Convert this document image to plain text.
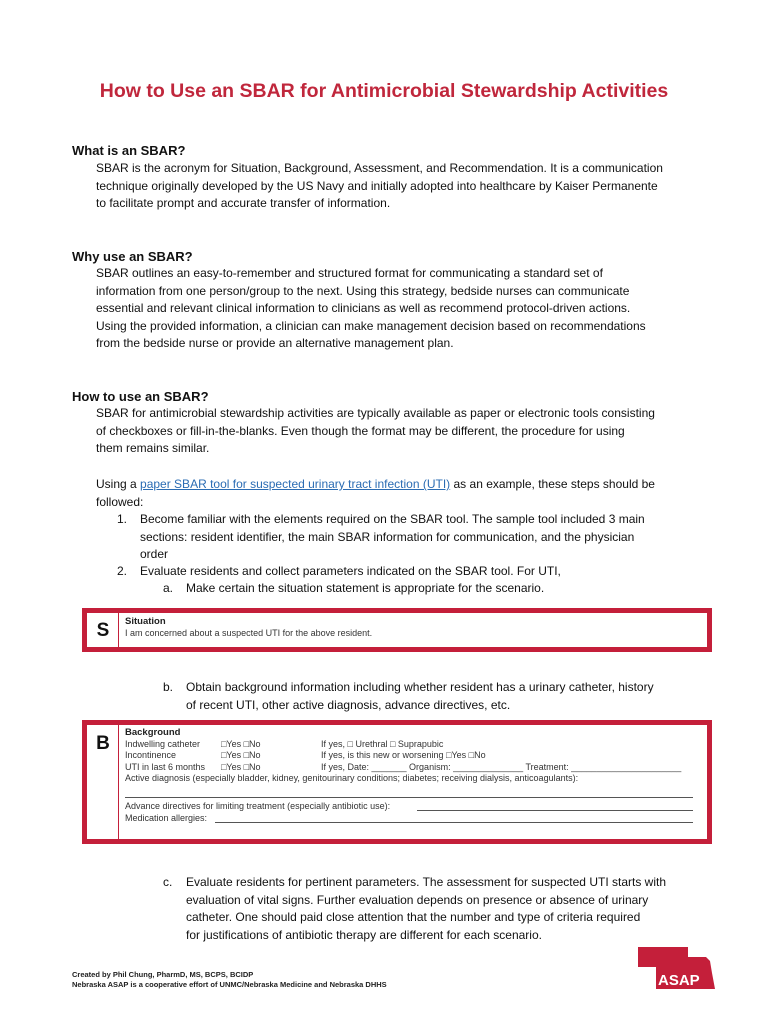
How to Use an SBAR for Antimicrobial Stewardship Activities

What is an SBAR?

SBAR is the acronym for Situation, Background, Assessment, and Recommendation. It is a communication
technique originally developed by the US Navy and initially adopted into healthcare by Kaiser Permanente
to facilitate prompt and accurate transfer of information.

Why use an SBAR?

SBAR outlines an easy-to-remember and structured format for communicating a standard set of
information from one person/group to the next. Using this strategy, bedside nurses can communicate
essential and relevant clinical information to clinicians as well as recommend protocol-driven actions.
Using the provided information, a clinician can make management decision based on recommendations
from the bedside nurse or provide an alternative management plan.

How to use an SBAR?

SBAR for antimicrobial stewardship activities are typically available as paper or electronic tools consisting
of checkboxes or fill-in-the-blanks. Even though the format may be different, the procedure for using
them remains similar.

Using a paper SBAR tool for suspected urinary tract infection (UTI) as an example, these steps should be
followed:

1. Become familiar with the elements required on the SBAR tool. The sample tool included 3 main
sections: resident identifier, the main SBAR information for communication, and the physician
order

2. Evaluate residents and collect parameters indicated on the SBAR tool. For UTI,

a. Make certain the situation statement is appropriate for the scenario.

S	Situation
I am concerned about a suspected UTI for the above resident.
b. Obtain background information including whether resident has a urinary catheter, history
of recent UTI, other active diagnosis, advance directives, etc.

B
Background
Indwelling catheter □Yes □No	If yes, □ Urethral □ Suprapubic
Incontinence	□Yes □No	If yes, is this new or worsening □Yes □No
UTI in last 6 months □Yes □No	If yes, Date: _______ Organism: ______________ Treatment: ______________________
Active diagnosis (especially bladder, kidney, genitourinary conditions; diabetes; receiving dialysis, anticoagulants):
Advance directives for limiting treatment (especially antibiotic use):
Medication allergies:
c. Evaluate residents for pertinent parameters. The assessment for suspected UTI starts with
evaluation of vital signs. Further evaluation depends on presence or absence of urinary
catheter. One should paid close attention that the number and type of criteria required
for justifications of antibiotic therapy are different for each scenario.

Created by Phil Chung, PharmD, MS, BCPS, BCIDP
Nebraska ASAP is a cooperative effort of UNMC/Nebraska Medicine and Nebraska DHHS	ASAP
